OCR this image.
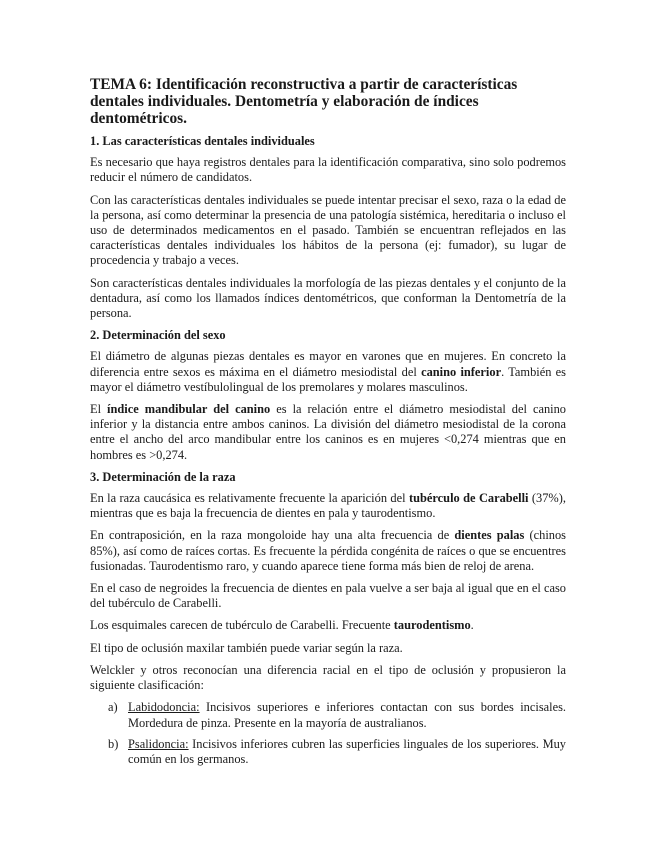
TEMA 6: Identificación reconstructiva a partir de características dentales individuales. Dentometría y elaboración de índices dentométricos.
1. Las características dentales individuales
Es necesario que haya registros dentales para la identificación comparativa, sino solo podremos reducir el número de candidatos.
Con las características dentales individuales se puede intentar precisar el sexo, raza o la edad de la persona, así como determinar la presencia de una patología sistémica, hereditaria o incluso el uso de determinados medicamentos en el pasado. También se encuentran reflejados en las características dentales individuales los hábitos de la persona (ej: fumador), su lugar de procedencia y trabajo a veces.
Son características dentales individuales la morfología de las piezas dentales y el conjunto de la dentadura, así como los llamados índices dentométricos, que conforman la Dentometría de la persona.
2. Determinación del sexo
El diámetro de algunas piezas dentales es mayor en varones que en mujeres. En concreto la diferencia entre sexos es máxima en el diámetro mesiodistal del canino inferior. También es mayor el diámetro vestíbulolingual de los premolares y molares masculinos.
El índice mandibular del canino es la relación entre el diámetro mesiodistal del canino inferior y la distancia entre ambos caninos. La división del diámetro mesiodistal de la corona entre el ancho del arco mandibular entre los caninos es en mujeres <0,274 mientras que en hombres es >0,274.
3. Determinación de la raza
En la raza caucásica es relativamente frecuente la aparición del tubérculo de Carabelli (37%), mientras que es baja la frecuencia de dientes en pala y taurodentismo.
En contraposición, en la raza mongoloide hay una alta frecuencia de dientes palas (chinos 85%), así como de raíces cortas. Es frecuente la pérdida congénita de raíces o que se encuentres fusionadas. Taurodentismo raro, y cuando aparece tiene forma más bien de reloj de arena.
En el caso de negroides la frecuencia de dientes en pala vuelve a ser baja al igual que en el caso del tubérculo de Carabelli.
Los esquimales carecen de tubérculo de Carabelli. Frecuente taurodentismo.
El tipo de oclusión maxilar también puede variar según la raza.
Welckler y otros reconocían una diferencia racial en el tipo de oclusión y propusieron la siguiente clasificación:
a) Labidodoncia: Incisivos superiores e inferiores contactan con sus bordes incisales. Mordedura de pinza. Presente en la mayoría de australianos.
b) Psalidoncia: Incisivos inferiores cubren las superficies linguales de los superiores. Muy común en los germanos.
